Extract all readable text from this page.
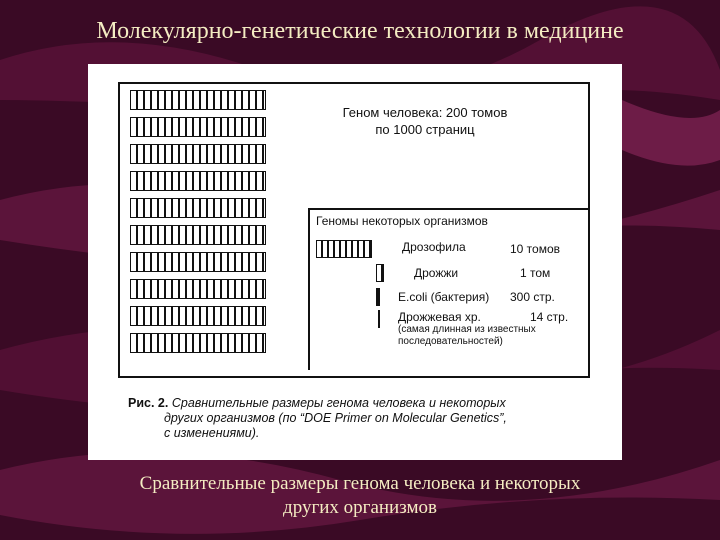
Молекулярно-генетические технологии в медицине
Геном человека: 200 томов
по 1000 страниц
Геномы некоторых организмов
Дрозофила	10 томов
Дрожжи	1 том
E.coli (бактерия) 300 стр.
Дрожжевая хр.	14 стр.
(самая длинная из известных
последовательностей)
Рис. 2. Сравнительные размеры генома человека и некоторых
других организмов (по “DOE Primer on Molecular Genetics”,
с изменениями).
Сравнительные размеры генома человека и некоторых
других организмов
